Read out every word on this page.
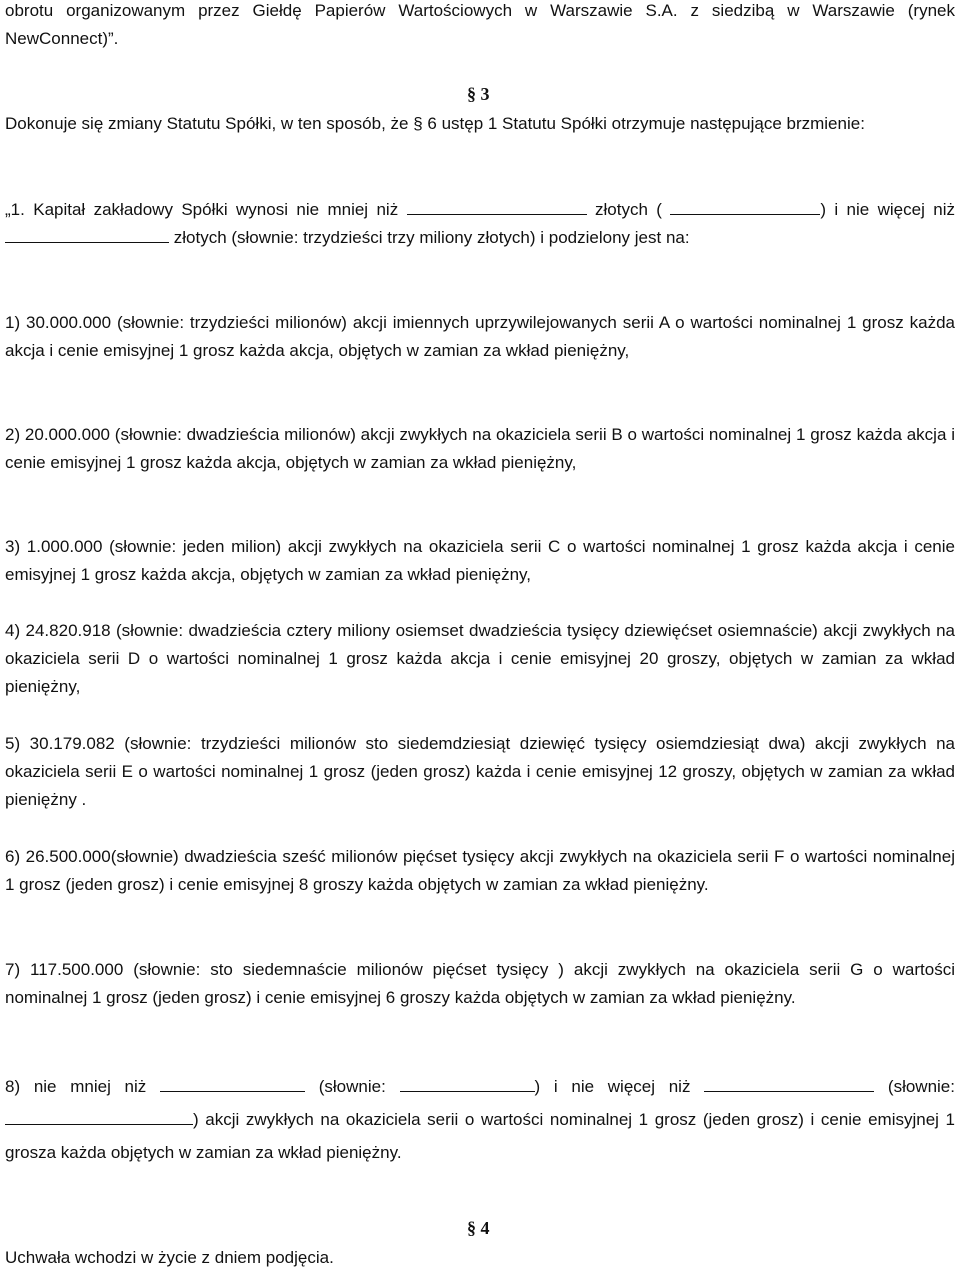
obrotu organizowanym przez Giełdę Papierów Wartościowych w Warszawie S.A. z siedzibą w Warszawie (rynek NewConnect)”.

§ 3

Dokonuje się zmiany Statutu Spółki, w ten sposób, że § 6 ustęp 1 Statutu Spółki otrzymuje następujące brzmienie:

„1. Kapitał zakładowy Spółki wynosi nie mniej niż	złotych (	) i nie więcej niż  złotych (słownie: trzydzieści trzy miliony złotych) i podzielony jest na:

1) 30.000.000 (słownie: trzydzieści milionów) akcji imiennych uprzywilejowanych serii A o wartości nominalnej 1 grosz każda akcja i cenie emisyjnej 1 grosz każda akcja, objętych w zamian za wkład pieniężny,

2) 20.000.000 (słownie: dwadzieścia milionów) akcji zwykłych na okaziciela serii B o wartości nominalnej 1 grosz każda akcja i cenie emisyjnej 1 grosz każda akcja, objętych w zamian za wkład pieniężny,

3) 1.000.000 (słownie: jeden milion) akcji zwykłych na okaziciela serii C o wartości nominalnej 1 grosz każda akcja i cenie emisyjnej 1 grosz każda akcja, objętych w zamian za wkład pieniężny,

4) 24.820.918 (słownie: dwadzieścia cztery miliony osiemset dwadzieścia tysięcy dziewięćset osiemnaście) akcji zwykłych na okaziciela serii D o wartości nominalnej 1 grosz każda akcja i cenie emisyjnej 20 groszy, objętych w zamian za wkład pieniężny,

5) 30.179.082 (słownie: trzydzieści milionów sto siedemdziesiąt dziewięć tysięcy osiemdziesiąt dwa) akcji zwykłych na okaziciela serii E o wartości nominalnej 1 grosz (jeden grosz) każda i cenie emisyjnej 12 groszy, objętych w zamian za wkład pieniężny .

6) 26.500.000(słownie) dwadzieścia sześć milionów pięćset tysięcy akcji zwykłych na okaziciela serii F o wartości nominalnej 1 grosz (jeden grosz) i cenie emisyjnej 8 groszy każda objętych w zamian za wkład pieniężny.

7) 117.500.000 (słownie: sto siedemnaście milionów pięćset tysięcy ) akcji zwykłych na okaziciela serii G o wartości nominalnej 1 grosz (jeden grosz) i cenie emisyjnej 6 groszy każda objętych w zamian za wkład pieniężny.

8) nie mniej niż	(słownie:	) i nie więcej niż	(słownie: ) akcji zwykłych na okaziciela serii o wartości nominalnej 1 grosz (jeden grosz) i cenie emisyjnej 1 grosza każda objętych w zamian za wkład pieniężny.

§ 4

Uchwała wchodzi w życie z dniem podjęcia.
